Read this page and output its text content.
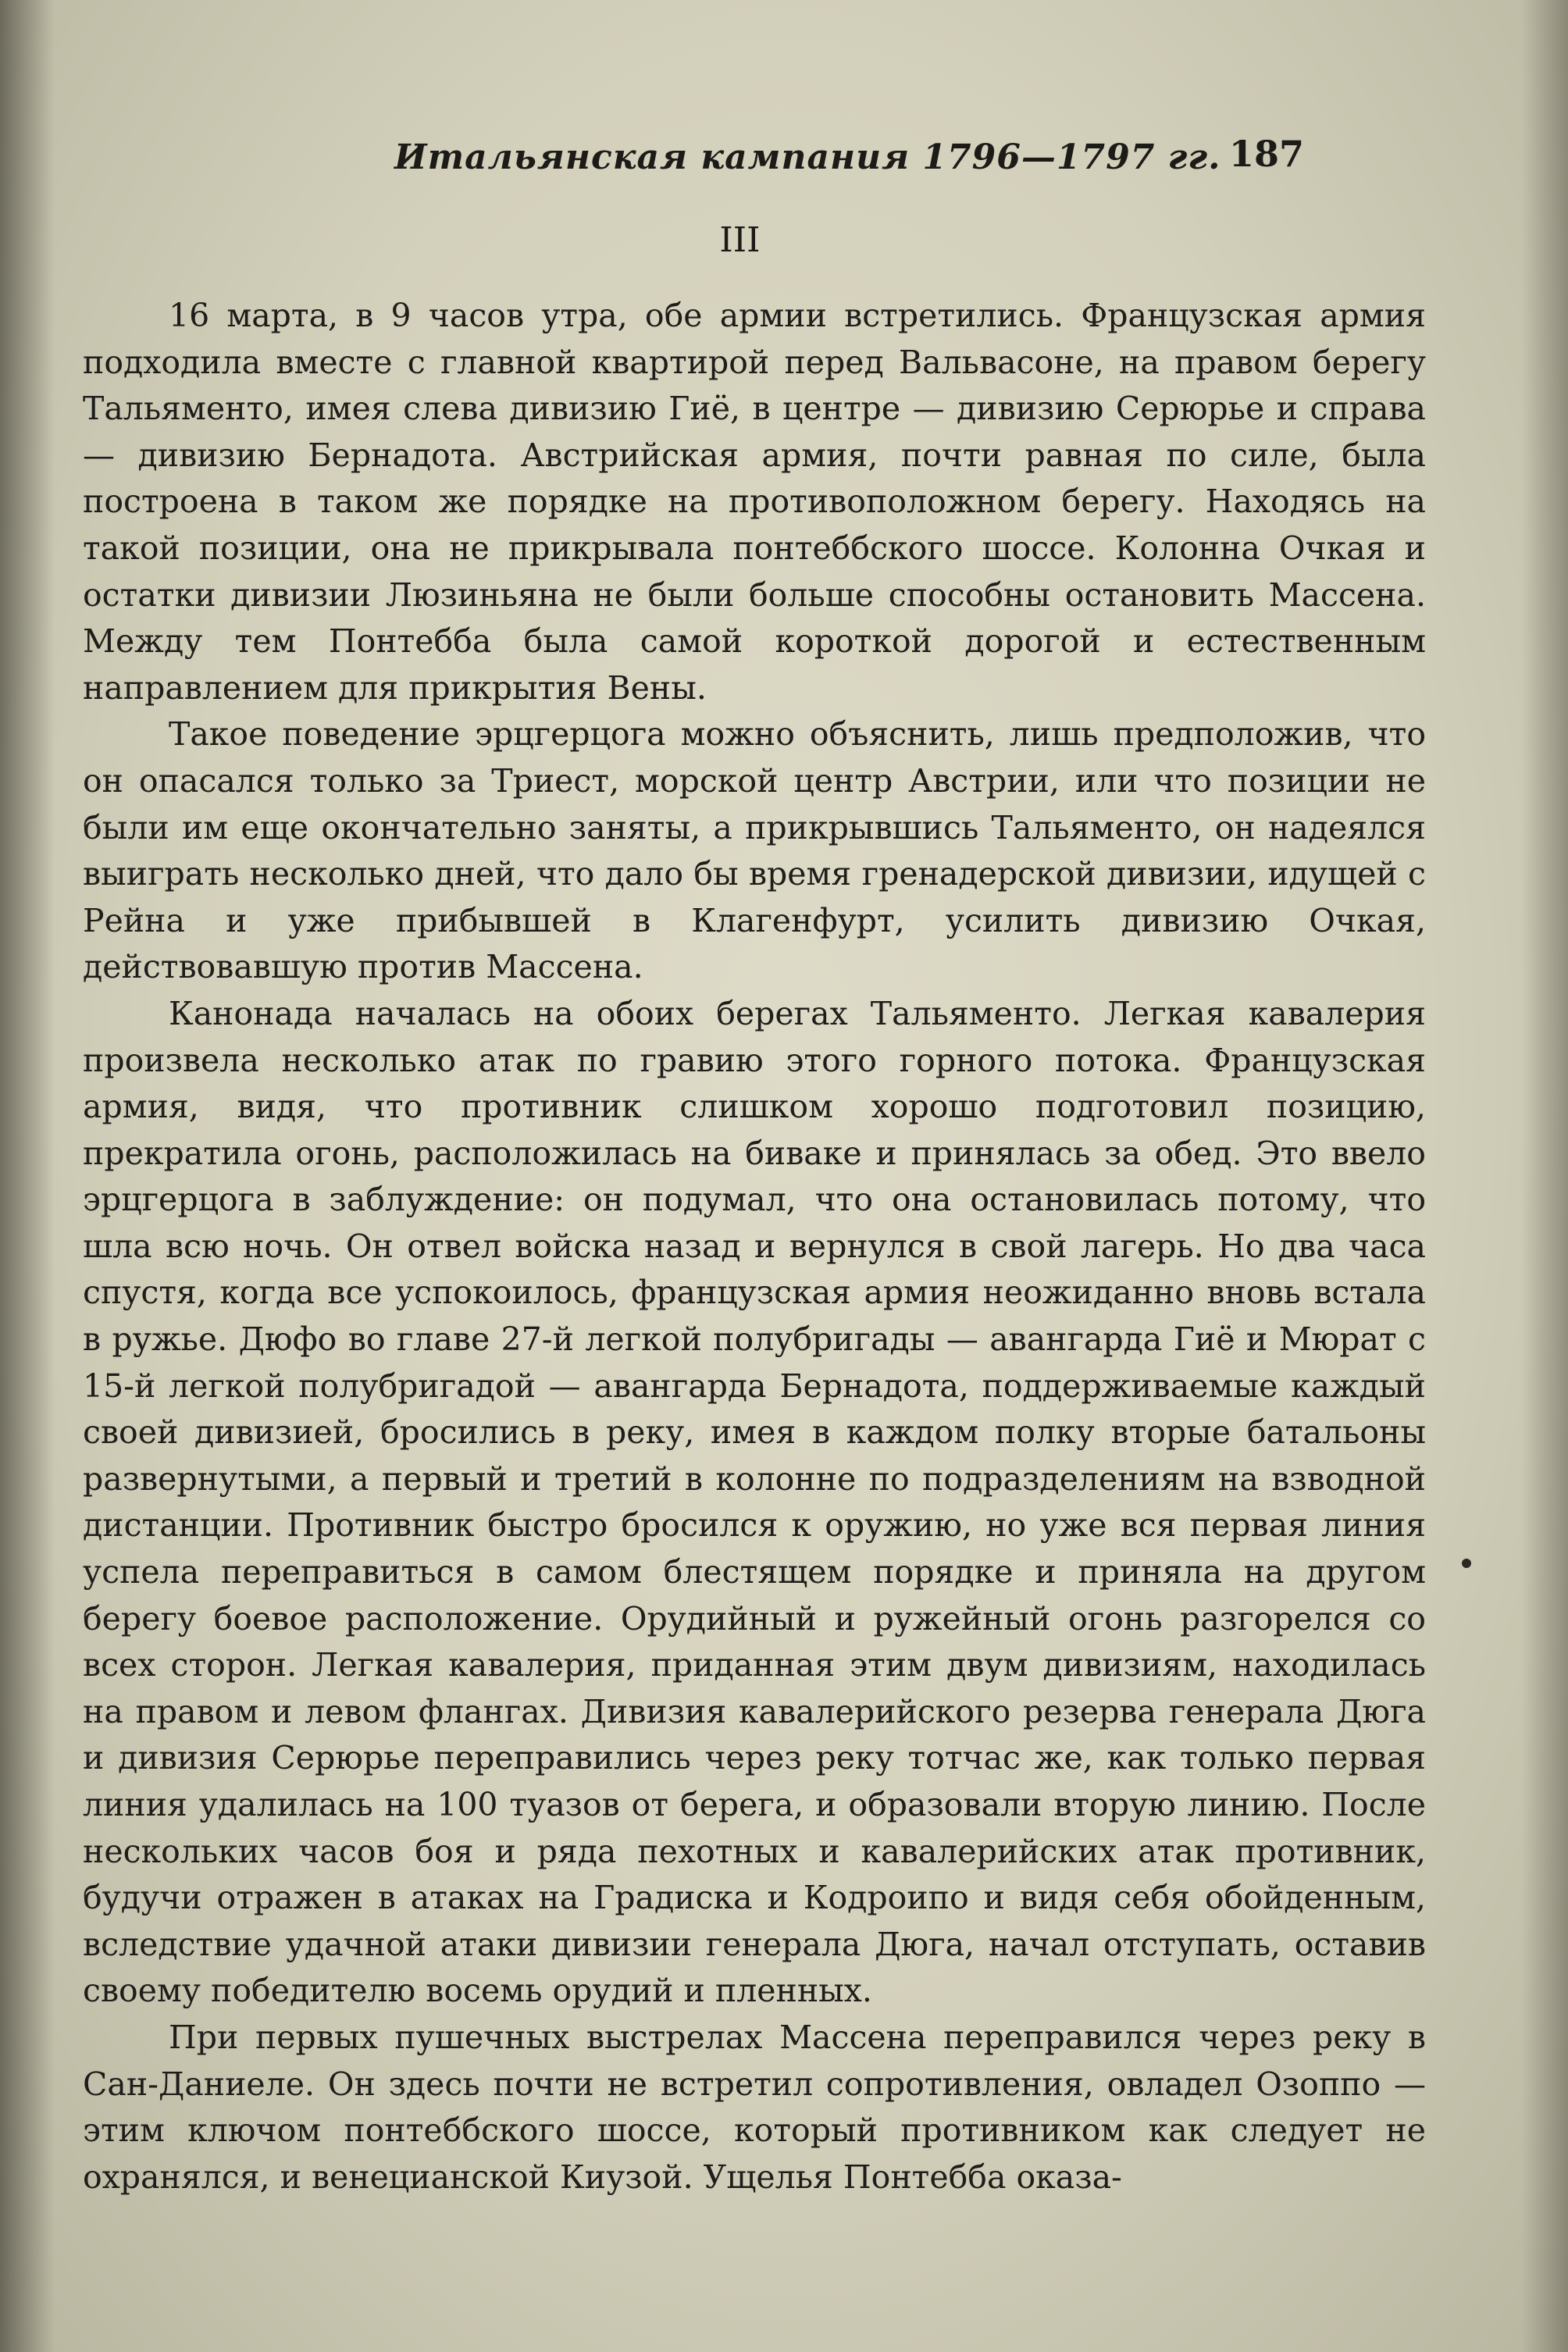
Итальянская кампания 1796—1797 гг. 187
III

16 марта, в 9 часов утра, обе армии встретились. Французская армия подходила вместе с главной квартирой перед Вальвасоне, на правом берегу Тальяменто, имея слева дивизию Гиё, в центре — дивизию Серюрье и справа — дивизию Бернадота. Австрийская армия, почти равная по силе, была построена в таком же порядке на противоположном берегу. Находясь на такой позиции, она не прикрывала понтеббского шоссе. Колонна Очкая и остатки дивизии Люзиньяна не были больше способны остановить Массена. Между тем Понтебба была самой короткой дорогой и естественным направлением для прикрытия Вены.

Такое поведение эрцгерцога можно объяснить, лишь предположив, что он опасался только за Триест, морской центр Австрии, или что позиции не были им еще окончательно заняты, а прикрывшись Тальяменто, он надеялся выиграть несколько дней, что дало бы время гренадерской дивизии, идущей с Рейна и уже прибывшей в Клагенфурт, усилить дивизию Очкая, действовавшую против Массена.

Канонада началась на обоих берегах Тальяменто. Легкая кавалерия произвела несколько атак по гравию этого горного потока. Французская армия, видя, что противник слишком хорошо подготовил позицию, прекратила огонь, расположилась на биваке и принялась за обед. Это ввело эрцгерцога в заблуждение: он подумал, что она остановилась потому, что шла всю ночь. Он отвел войска назад и вернулся в свой лагерь. Но два часа спустя, когда все успокоилось, французская армия неожиданно вновь встала в ружье. Дюфо во главе 27-й легкой полубригады — авангарда Гиё и Мюрат с 15-й легкой полубригадой — авангарда Бернадота, поддерживаемые каждый своей дивизией, бросились в реку, имея в каждом полку вторые батальоны развернутыми, а первый и третий в колонне по подразделениям на взводной дистанции. Противник быстро бросился к оружию, но уже вся первая линия успела переправиться в самом блестящем порядке и приняла на другом берегу боевое расположение. Орудийный и ружейный огонь разгорелся со всех сторон. Легкая кавалерия, приданная этим двум дивизиям, находилась на правом и левом флангах. Дивизия кавалерийского резерва генерала Дюга и дивизия Серюрье переправились через реку тотчас же, как только первая линия удалилась на 100 туазов от берега, и образовали вторую линию. После нескольких часов боя и ряда пехотных и кавалерийских атак противник, будучи отражен в атаках на Градиска и Кодроипо и видя себя обойденным, вследствие удачной атаки дивизии генерала Дюга, начал отступать, оставив своему победителю восемь орудий и пленных.

При первых пушечных выстрелах Массена переправился через реку в Сан-Даниеле. Он здесь почти не встретил сопротивления, овладел Озоппо — этим ключом понтеббского шоссе, который противником как следует не охранялся, и венецианской Киузой. Ущелья Понтебба оказа-
